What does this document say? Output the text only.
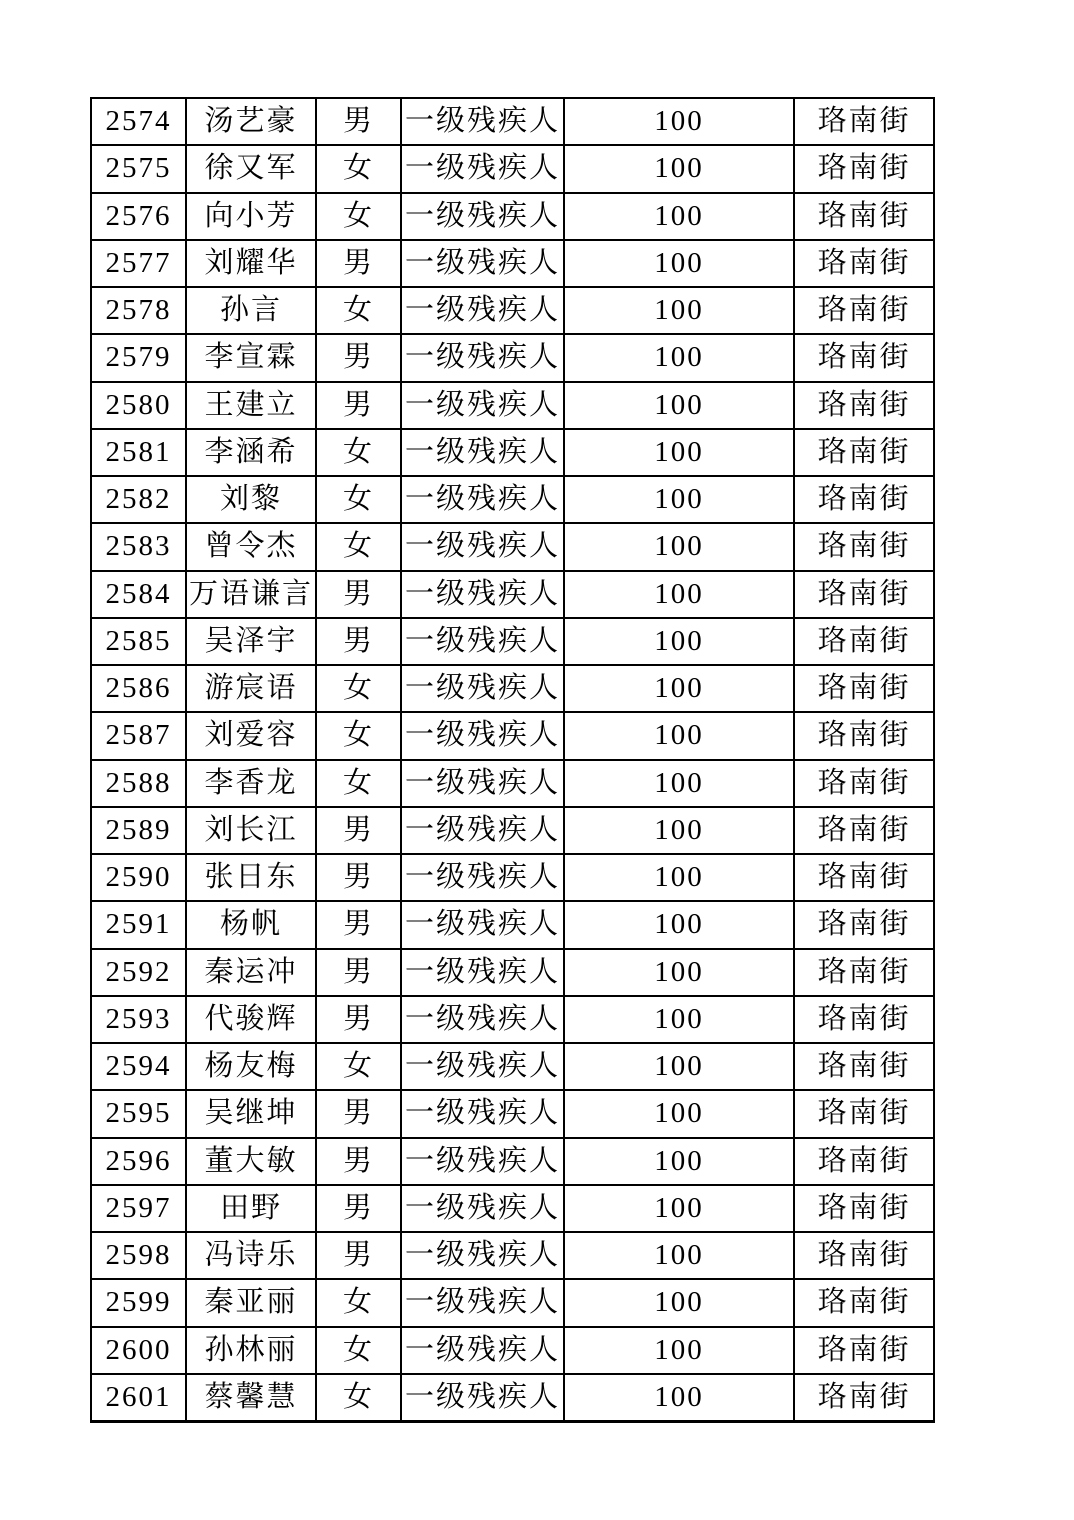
2574	汤艺豪	男	一级残疾人	100	珞南街
2575	徐又军	女	一级残疾人	100	珞南街
2576	向小芳	女	一级残疾人	100	珞南街
2577	刘耀华	男	一级残疾人	100	珞南街
2578	孙言	女	一级残疾人	100	珞南街
2579	李宣霖	男	一级残疾人	100	珞南街
2580	王建立	男	一级残疾人	100	珞南街
2581	李涵希	女	一级残疾人	100	珞南街
2582	刘黎	女	一级残疾人	100	珞南街
2583	曾令杰	女	一级残疾人	100	珞南街
2584	万语谦言	男	一级残疾人	100	珞南街
2585	吴泽宇	男	一级残疾人	100	珞南街
2586	游宸语	女	一级残疾人	100	珞南街
2587	刘爱容	女	一级残疾人	100	珞南街
2588	李香龙	女	一级残疾人	100	珞南街
2589	刘长江	男	一级残疾人	100	珞南街
2590	张日东	男	一级残疾人	100	珞南街
2591	杨帆	男	一级残疾人	100	珞南街
2592	秦运冲	男	一级残疾人	100	珞南街
2593	代骏辉	男	一级残疾人	100	珞南街
2594	杨友梅	女	一级残疾人	100	珞南街
2595	吴继坤	男	一级残疾人	100	珞南街
2596	董大敏	男	一级残疾人	100	珞南街
2597	田野	男	一级残疾人	100	珞南街
2598	冯诗乐	男	一级残疾人	100	珞南街
2599	秦亚丽	女	一级残疾人	100	珞南街
2600	孙林丽	女	一级残疾人	100	珞南街
2601	蔡馨慧	女	一级残疾人	100	珞南街
